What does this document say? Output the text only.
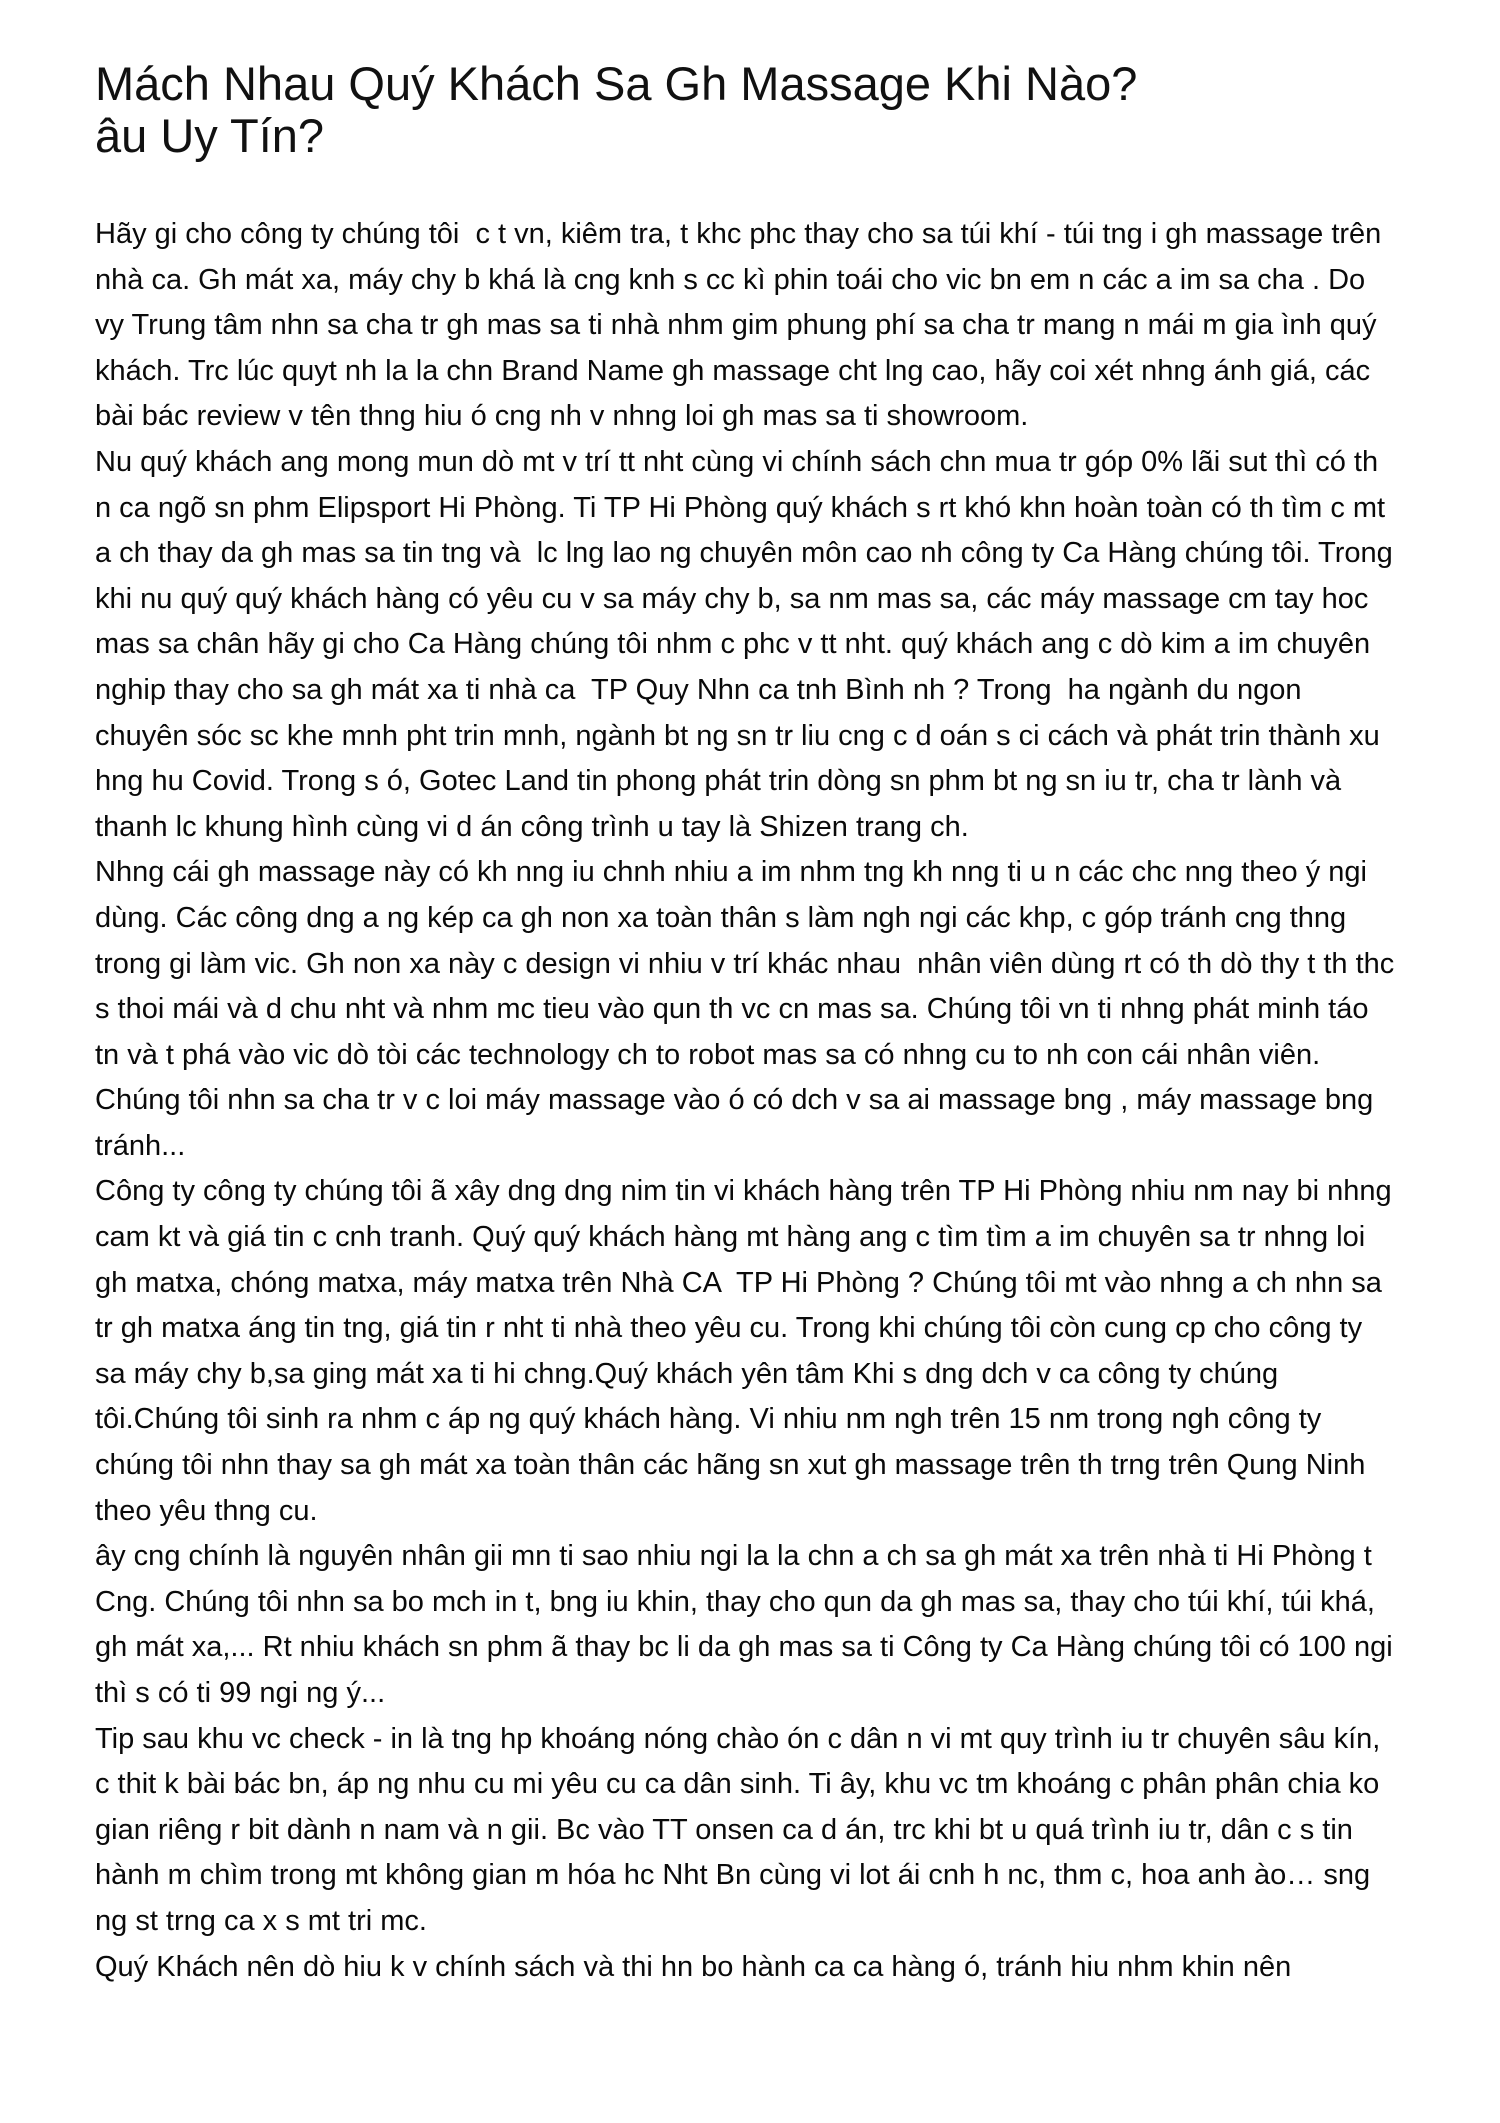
Mách Nhau Quý Khách Sa Gh Massage Khi Nào?  âu Uy Tín?

Hãy gi cho công ty chúng tôi  c t vn, kiêm tra, t khc phc thay cho sa túi khí - túi tng i gh massage trên nhà ca. Gh mát xa, máy chy b khá là cng knh s cc kì phin toái cho vic bn em n các a im sa cha . Do vy Trung tâm nhn sa cha tr gh mas sa ti nhà nhm gim phung phí sa cha tr mang n mái m gia ình quý khách. Trc lúc quyt nh la la chn Brand Name gh massage cht lng cao, hãy coi xét nhng ánh giá, các bài bác review v tên thng hiu ó cng nh v nhng loi gh mas sa ti showroom.

Nu quý khách ang mong mun dò mt v trí tt nht cùng vi chính sách chn mua tr góp 0% lãi sut thì có th n ca ngõ sn phm Elipsport Hi Phòng. Ti TP Hi Phòng quý khách s rt khó khn hoàn toàn có th tìm c mt a ch thay da gh mas sa tin tng và  lc lng lao ng chuyên môn cao nh công ty Ca Hàng chúng tôi. Trong khi nu quý quý khách hàng có yêu cu v sa máy chy b, sa nm mas sa, các máy massage cm tay hoc mas sa chân hãy gi cho Ca Hàng chúng tôi nhm c phc v tt nht. quý khách ang c dò kim a im chuyên nghip thay cho sa gh mát xa ti nhà ca  TP Quy Nhn ca tnh Bình nh ? Trong  ha ngành du ngon chuyên sóc sc khe mnh pht trin mnh, ngành bt ng sn tr liu cng c d oán s ci cách và phát trin thành xu hng hu Covid. Trong s ó, Gotec Land tin phong phát trin dòng sn phm bt ng sn iu tr, cha tr lành và thanh lc khung hình cùng vi d án công trình u tay là Shizen trang ch.

Nhng cái gh massage này có kh nng iu chnh nhiu a im nhm tng kh nng ti u n các chc nng theo ý ngi dùng. Các công dng a ng kép ca gh non xa toàn thân s làm ngh ngi các khp, c góp tránh cng thng trong gi làm vic. Gh non xa này c design vi nhiu v trí khác nhau  nhân viên dùng rt có th dò thy t th thc s thoi mái và d chu nht và nhm mc tieu vào qun th vc cn mas sa. Chúng tôi vn ti nhng phát minh táo tn và t phá vào vic dò tòi các technology ch to robot mas sa có nhng cu to nh con cái nhân viên. Chúng tôi nhn sa cha tr v c loi máy massage vào ó có dch v sa ai massage bng , máy massage bng tránh...

Công ty công ty chúng tôi ã xây dng dng nim tin vi khách hàng trên TP Hi Phòng nhiu nm nay bi nhng cam kt và giá tin c cnh tranh. Quý quý khách hàng mt hàng ang c tìm tìm a im chuyên sa tr nhng loi gh matxa, chóng matxa, máy matxa trên Nhà CA  TP Hi Phòng ? Chúng tôi mt vào nhng a ch nhn sa tr gh matxa áng tin tng, giá tin r nht ti nhà theo yêu cu. Trong khi chúng tôi còn cung cp cho công ty sa máy chy b,sa ging mát xa ti hi chng.Quý khách yên tâm Khi s dng dch v ca công ty chúng tôi.Chúng tôi sinh ra nhm c áp ng quý khách hàng. Vi nhiu nm ngh trên 15 nm trong ngh công ty chúng tôi nhn thay sa gh mát xa toàn thân các hãng sn xut gh massage trên th trng trên Qung Ninh theo yêu thng cu.

ây cng chính là nguyên nhân gii mn ti sao nhiu ngi la la chn a ch sa gh mát xa trên nhà ti Hi Phòng t Cng. Chúng tôi nhn sa bo mch in t, bng iu khin, thay cho qun da gh mas sa, thay cho túi khí, túi khá, gh mát xa,... Rt nhiu khách sn phm ã thay bc li da gh mas sa ti Công ty Ca Hàng chúng tôi có 100 ngi thì s có ti 99 ngi ng ý...

Tip sau khu vc check - in là tng hp khoáng nóng chào ón c dân n vi mt quy trình iu tr chuyên sâu kín, c thit k bài bác bn, áp ng nhu cu mi yêu cu ca dân sinh. Ti ây, khu vc tm khoáng c phân phân chia ko gian riêng r bit dành n nam và n gii. Bc vào TT onsen ca d án, trc khi bt u quá trình iu tr, dân c s tin hành m chìm trong mt không gian m hóa hc Nht Bn cùng vi lot ái cnh h nc, thm c, hoa anh ào… sng ng st trng ca x s mt tri mc.

Quý Khách nên dò hiu k v chính sách và thi hn bo hành ca ca hàng ó, tránh hiu nhm khin nên
